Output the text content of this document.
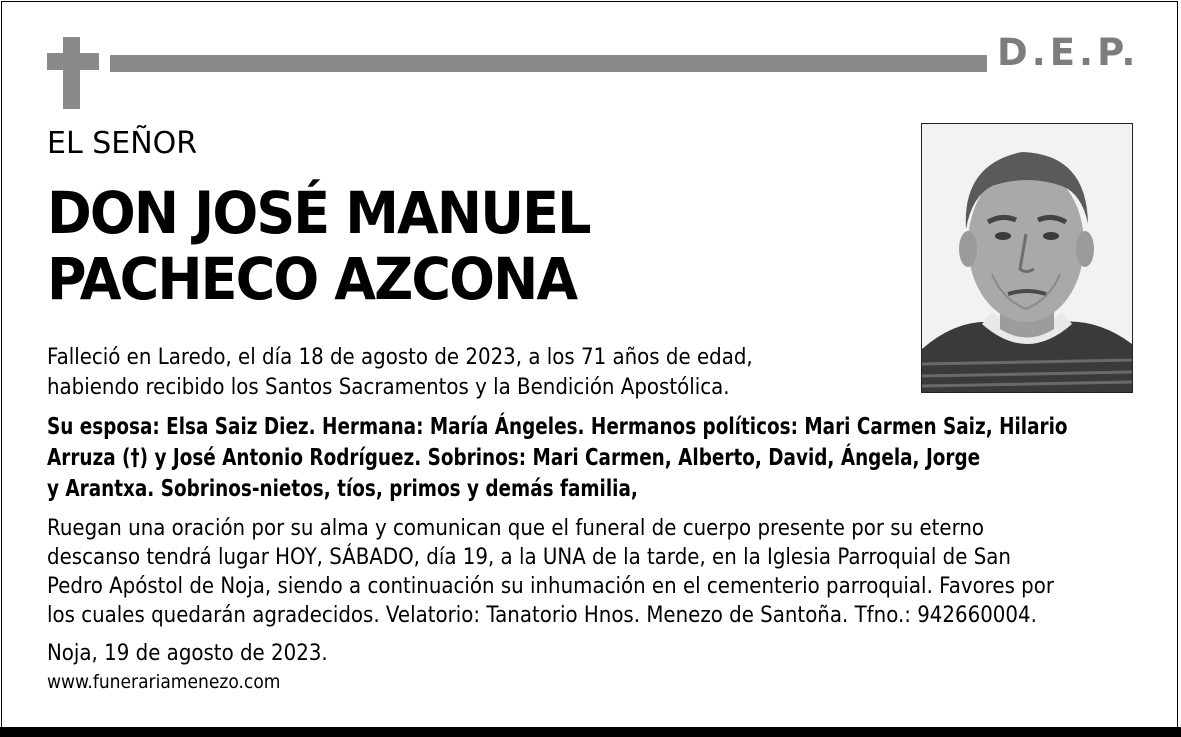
D.E.P.
EL SEÑOR
DON JOSÉ MANUEL
PACHECO AZCONA
Falleció en Laredo, el día 18 de agosto de 2023, a los 71 años de edad,
habiendo recibido los Santos Sacramentos y la Bendición Apostólica.
Su esposa: Elsa Saiz Diez. Hermana: María Ángeles. Hermanos políticos: Mari Carmen Saiz, Hilario
Arruza (†) y José Antonio Rodríguez. Sobrinos: Mari Carmen, Alberto, David, Ángela, Jorge
y Arantxa. Sobrinos-nietos, tíos, primos y demás familia,
Ruegan una oración por su alma y comunican que el funeral de cuerpo presente por su eterno
descanso tendrá lugar HOY, SÁBADO, día 19, a la UNA de la tarde, en la Iglesia Parroquial de San
Pedro Apóstol de Noja, siendo a continuación su inhumación en el cementerio parroquial. Favores por
los cuales quedarán agradecidos. Velatorio: Tanatorio Hnos. Menezo de Santoña. Tfno.: 942660004.
Noja, 19 de agosto de 2023.
www.funerariamenezo.com
